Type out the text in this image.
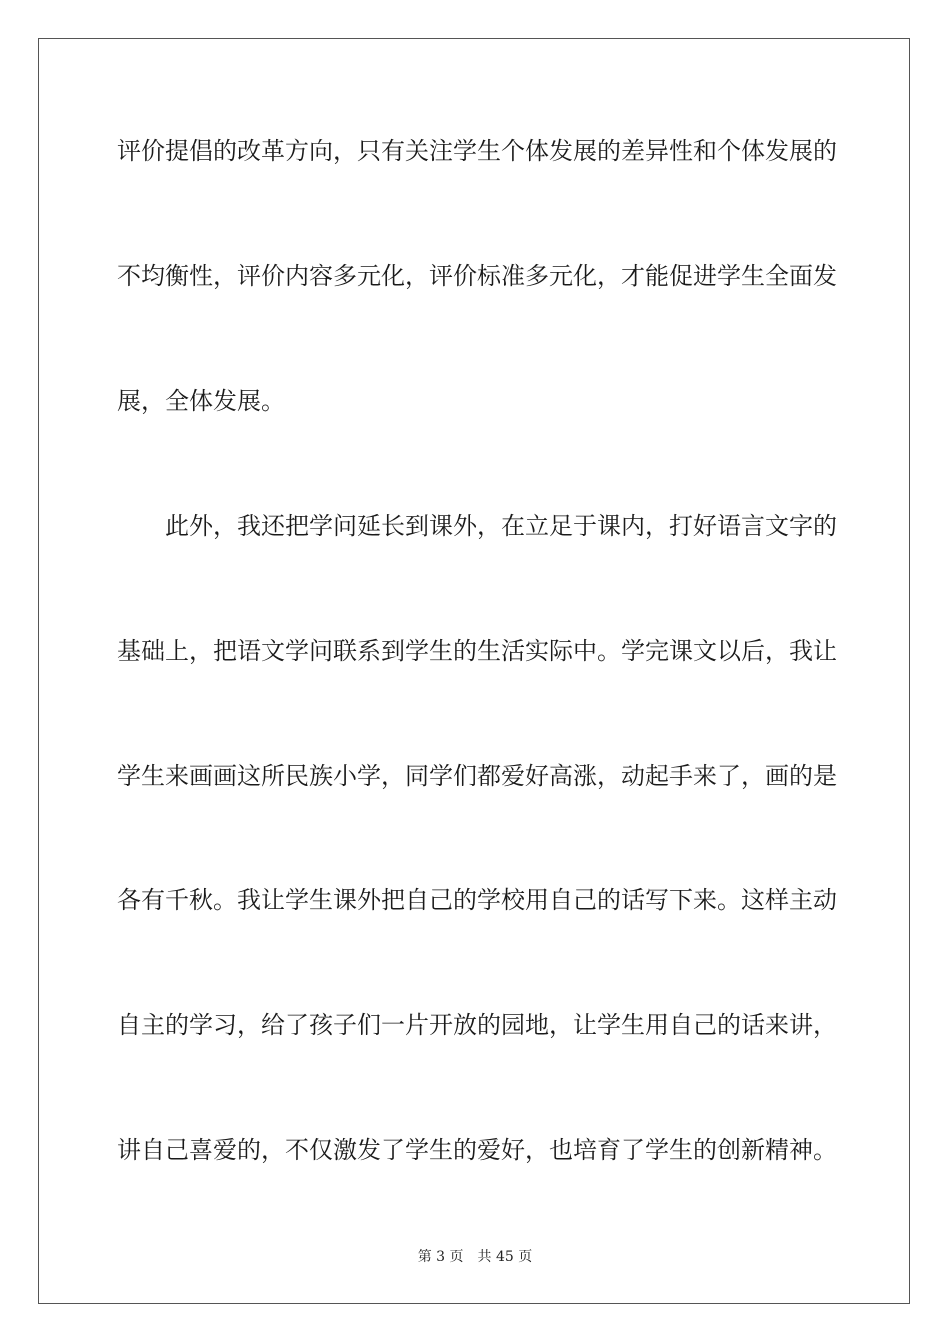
评价提倡的改革方向，只有关注学生个体发展的差异性和个体发展的
不均衡性，评价内容多元化，评价标准多元化，才能促进学生全面发
展，全体发展。
此外，我还把学问延长到课外，在立足于课内，打好语言文字的
基础上，把语文学问联系到学生的生活实际中。学完课文以后，我让
学生来画画这所民族小学，同学们都爱好高涨，动起手来了，画的是
各有千秋。我让学生课外把自己的学校用自己的话写下来。这样主动
自主的学习，给了孩子们一片开放的园地，让学生用自己的话来讲，
讲自己喜爱的，不仅激发了学生的爱好，也培育了学生的创新精神。
第 3 页 共 45 页
